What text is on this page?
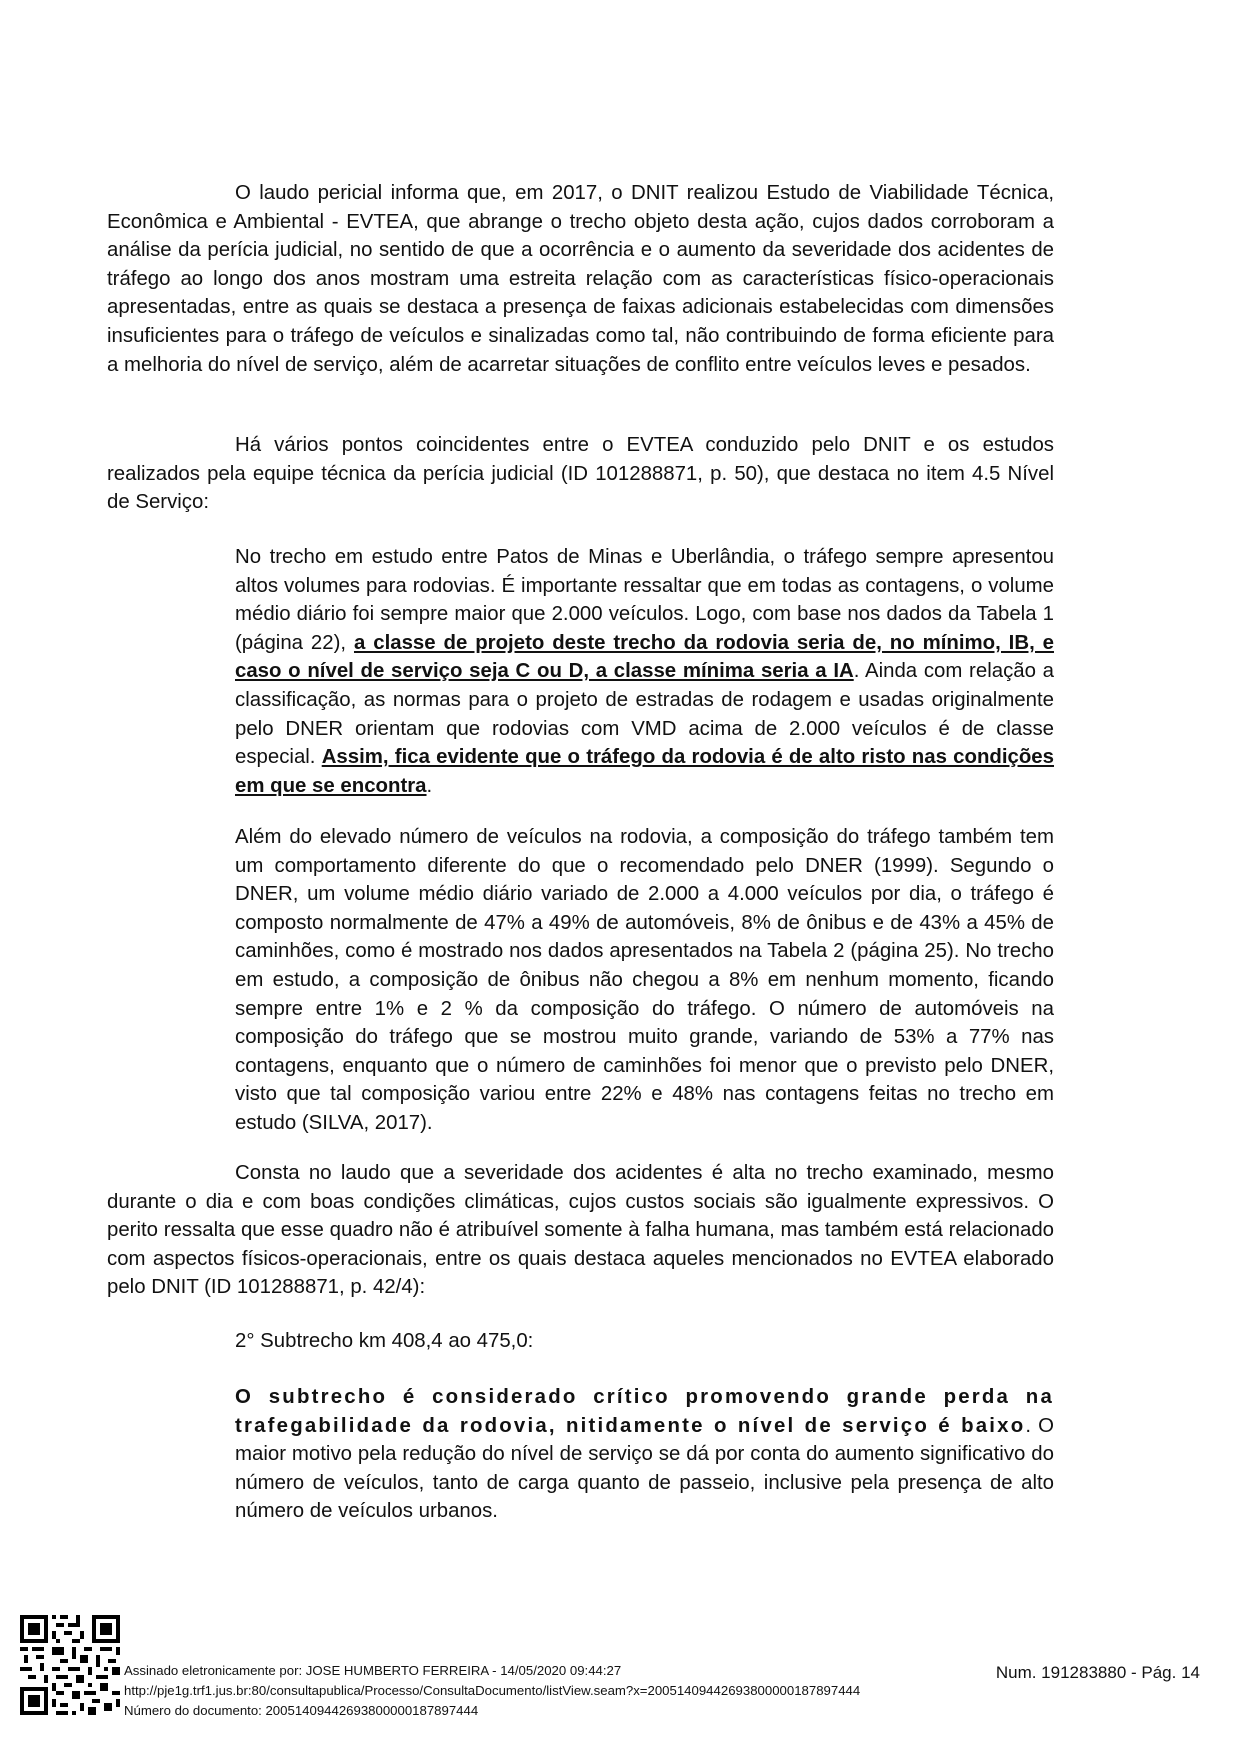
O laudo pericial informa que, em 2017, o DNIT realizou Estudo de Viabilidade Técnica, Econômica e Ambiental - EVTEA, que abrange o trecho objeto desta ação, cujos dados corroboram a análise da perícia judicial, no sentido de que a ocorrência e o aumento da severidade dos acidentes de tráfego ao longo dos anos mostram uma estreita relação com as características físico-operacionais apresentadas, entre as quais se destaca a presença de faixas adicionais estabelecidas com dimensões insuficientes para o tráfego de veículos e sinalizadas como tal, não contribuindo de forma eficiente para a melhoria do nível de serviço, além de acarretar situações de conflito entre veículos leves e pesados.

Há vários pontos coincidentes entre o EVTEA conduzido pelo DNIT e os estudos realizados pela equipe técnica da perícia judicial (ID 101288871, p. 50), que destaca no item 4.5 Nível de Serviço:

No trecho em estudo entre Patos de Minas e Uberlândia, o tráfego sempre apresentou altos volumes para rodovias. É importante ressaltar que em todas as contagens, o volume médio diário foi sempre maior que 2.000 veículos. Logo, com base nos dados da Tabela 1 (página 22), a classe de projeto deste trecho da rodovia seria de, no mínimo, IB, e caso o nível de serviço seja C ou D, a classe mínima seria a IA. Ainda com relação a classificação, as normas para o projeto de estradas de rodagem e usadas originalmente pelo DNER orientam que rodovias com VMD acima de 2.000 veículos é de classe especial. Assim, fica evidente que o tráfego da rodovia é de alto risto nas condições em que se encontra.

Além do elevado número de veículos na rodovia, a composição do tráfego também tem um comportamento diferente do que o recomendado pelo DNER (1999). Segundo o DNER, um volume médio diário variado de 2.000 a 4.000 veículos por dia, o tráfego é composto normalmente de 47% a 49% de automóveis, 8% de ônibus e de 43% a 45% de caminhões, como é mostrado nos dados apresentados na Tabela 2 (página 25). No trecho em estudo, a composição de ônibus não chegou a 8% em nenhum momento, ficando sempre entre 1% e 2 % da composição do tráfego. O número de automóveis na composição do tráfego que se mostrou muito grande, variando de 53% a 77% nas contagens, enquanto que o número de caminhões foi menor que o previsto pelo DNER, visto que tal composição variou entre 22% e 48% nas contagens feitas no trecho em estudo (SILVA, 2017).

Consta no laudo que a severidade dos acidentes é alta no trecho examinado, mesmo durante o dia e com boas condições climáticas, cujos custos sociais são igualmente expressivos. O perito ressalta que esse quadro não é atribuível somente à falha humana, mas também está relacionado com aspectos físicos-operacionais, entre os quais destaca aqueles mencionados no EVTEA elaborado pelo DNIT (ID 101288871, p. 42/4):

2° Subtrecho km 408,4 ao 475,0:

O subtrecho é considerado crítico promovendo grande perda na trafegabilidade da rodovia, nitidamente o nível de serviço é baixo. O maior motivo pela redução do nível de serviço se dá por conta do aumento significativo do número de veículos, tanto de carga quanto de passeio, inclusive pela presença de alto número de veículos urbanos.

Assinado eletronicamente por: JOSE HUMBERTO FERREIRA - 14/05/2020 09:44:27
http://pje1g.trf1.jus.br:80/consultapublica/Processo/ConsultaDocumento/listView.seam?x=20051409442693800000187897444
Número do documento: 20051409442693800000187897444
Num. 191283880 - Pág. 14
